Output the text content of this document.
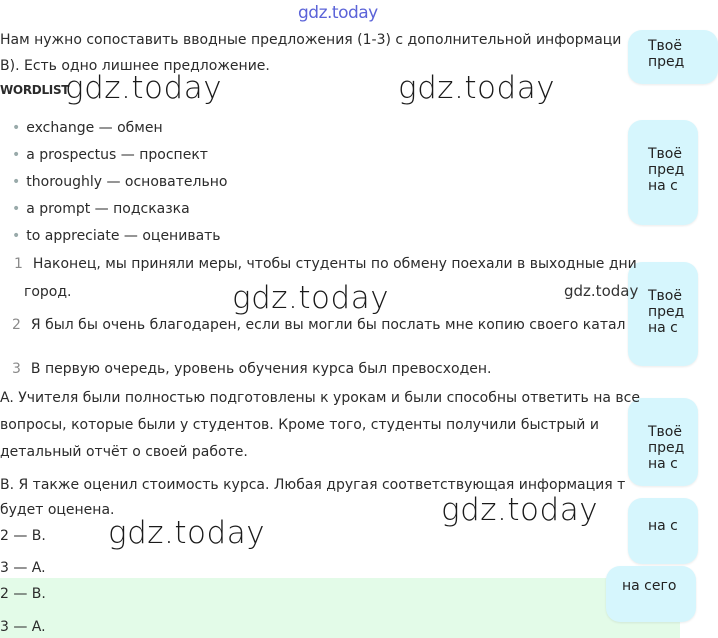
Твоё
пред
Твоё
пред
на с
Твоё
пред
на с
Твоё
пред
на с
на с
на сего
gdz.today
Нам нужно сопоставить вводные предложения (1-3) с дополнительной информаци
В). Есть одно лишнее предложение.
WORDLIST
• exchange — обмен
• a prospectus — проспект
• thoroughly — основательно
• a prompt — подсказка
• to appreciate — оценивать
1 Наконец, мы приняли меры, чтобы студенты по обмену поехали в выходные дни
город.
2 Я был бы очень благодарен, если вы могли бы послать мне копию своего катал
3 В первую очередь, уровень обучения курса был превосходен.
A. Учителя были полностью подготовлены к урокам и были способны ответить на все
вопросы, которые были у студентов. Кроме того, студенты получили быстрый и
детальный отчёт о своей работе.
B. Я также оценил стоимость курса. Любая другая соответствующая информация т
будет оценена.
2 — B.
3 — A.
2 — B.
3 — A.
gdz.today	gdz.today
gdz.today	gdz.today
gdz.today
gdz.today
